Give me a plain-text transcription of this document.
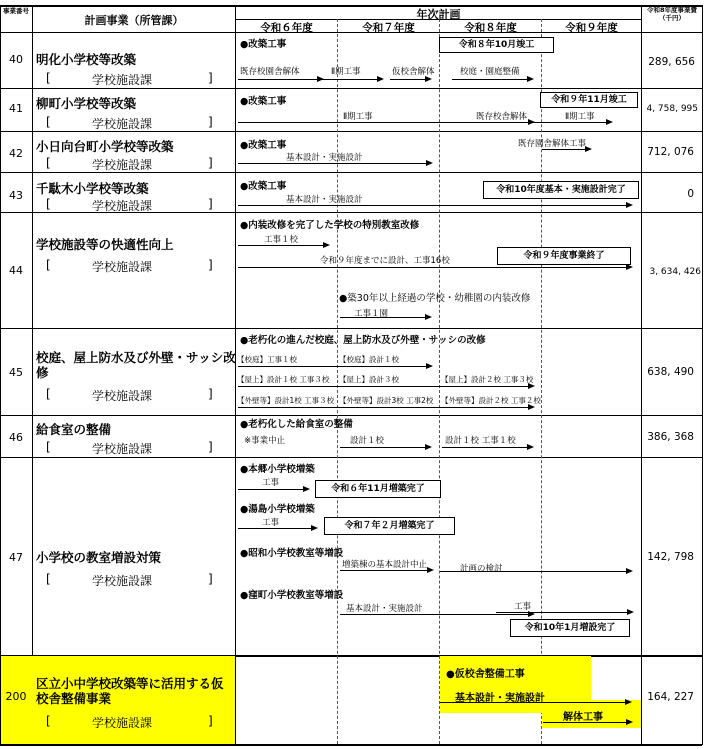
事業番号
計画事業（所管課）	年次計画
令和６年度	令和７年度	令和８年度	令和９年度
令和8年度事業費（千円）
40	明化小学校等改築
[	学校施設課	]
289, 656
●改築工事	令和８年10月竣工
既存校園舎解体	Ⅱ期工事	仮校舎解体	校庭・園庭整備
41	柳町小学校等改築
[	学校施設課	]
4, 758, 995
●改築工事	令和９年11月竣工
Ⅱ期工事	既存校舎解体	Ⅱ期工事
42	小日向台町小学校等改築
[	学校施設課	]
712, 076
●改築工事
基本設計・実施設計
既存園舎解体工事
43	千駄木小学校等改築
[	学校施設課	]
0
●改築工事
基本設計・実施設計
令和10年度基本・実施設計完了
44
学校施設等の快適性向上
[	学校施設課	]	3, 634, 426
●内装改修を完了した学校の特別教室改修
工事１校
令和９年度までに設計、工事16校	令和９年度事業終了
●築30年以上経過の学校・幼稚園の内装改修
工事１園
45
校庭、屋上防水及び外壁・サッシ改修
[	学校施設課	]
638, 490
●老朽化の進んだ校庭、屋上防水及び外壁・サッシの改修
【校庭】工事１校	【校庭】設計１校
【屋上】設計１校 工事３校 【屋上】設計３校	【屋上】設計２校 工事３校
【外壁等】設計1校 工事３校 【外壁等】設計3校 工事2校 【外壁等】設計２校 工事２校
46
給食室の整備
[	学校施設課	]
386, 368
●老朽化した給食室の整備
※事業中止	設計１校	設計１校 工事１校
47	小学校の教室増設対策
[	学校施設課	]
142, 798
●本郷小学校増築
工事
令和６年11月増築完了
●湯島小学校増築
工事	令和７年２月増築完了
●昭和小学校教室等増設
増築棟の基本設計中止	計画の検討
●窪町小学校教室等増設
基本設計・実施設計	工事
令和10年1月増設完了
200
区立小中学校改築等に活用する仮校舎整備事業
[	学校施設課	]
164, 227
●仮校舎整備工事
基本設計・実施設計
解体工事
